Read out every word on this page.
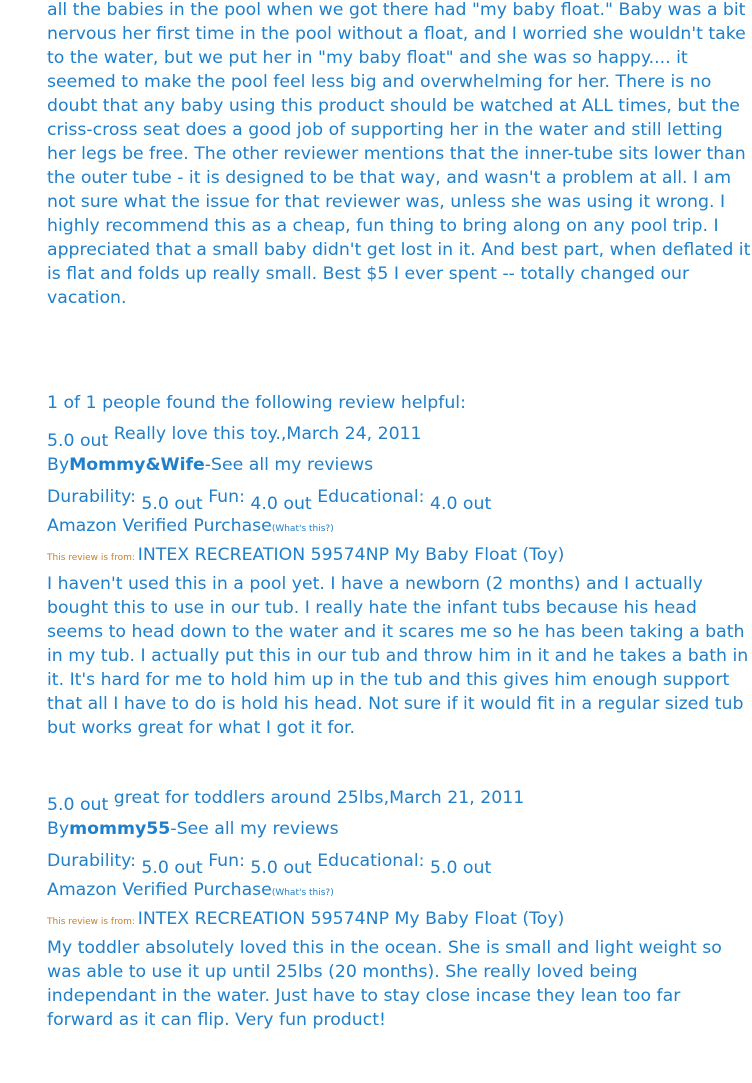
all the babies in the pool when we got there had "my baby float." Baby was a bit nervous her first time in the pool without a float, and I worried she wouldn't take to the water, but we put her in "my baby float" and she was so happy.... it seemed to make the pool feel less big and overwhelming for her. There is no doubt that any baby using this product should be watched at ALL times, but the criss-cross seat does a good job of supporting her in the water and still letting her legs be free. The other reviewer mentions that the inner-tube sits lower than the outer tube - it is designed to be that way, and wasn't a problem at all. I am not sure what the issue for that reviewer was, unless she was using it wrong. I highly recommend this as a cheap, fun thing to bring along on any pool trip. I appreciated that a small baby didn't get lost in it. And best part, when deflated it is flat and folds up really small. Best $5 I ever spent -- totally changed our vacation.
1 of 1 people found the following review helpful:
5.0 out Really love this toy.,March 24, 2011
ByMommy&Wife-See all my reviews
Durability: 5.0 out Fun: 4.0 out Educational: 4.0 out
Amazon Verified Purchase(What's this?)
This review is from: INTEX RECREATION 59574NP My Baby Float (Toy)
I haven't used this in a pool yet. I have a newborn (2 months) and I actually bought this to use in our tub. I really hate the infant tubs because his head seems to head down to the water and it scares me so he has been taking a bath in my tub. I actually put this in our tub and throw him in it and he takes a bath in it. It's hard for me to hold him up in the tub and this gives him enough support that all I have to do is hold his head. Not sure if it would fit in a regular sized tub but works great for what I got it for.
5.0 out great for toddlers around 25lbs,March 21, 2011
Bymommy55-See all my reviews
Durability: 5.0 out Fun: 5.0 out Educational: 5.0 out
Amazon Verified Purchase(What's this?)
This review is from: INTEX RECREATION 59574NP My Baby Float (Toy)
My toddler absolutely loved this in the ocean. She is small and light weight so was able to use it up until 25lbs (20 months). She really loved being independant in the water. Just have to stay close incase they lean too far forward as it can flip. Very fun product!
